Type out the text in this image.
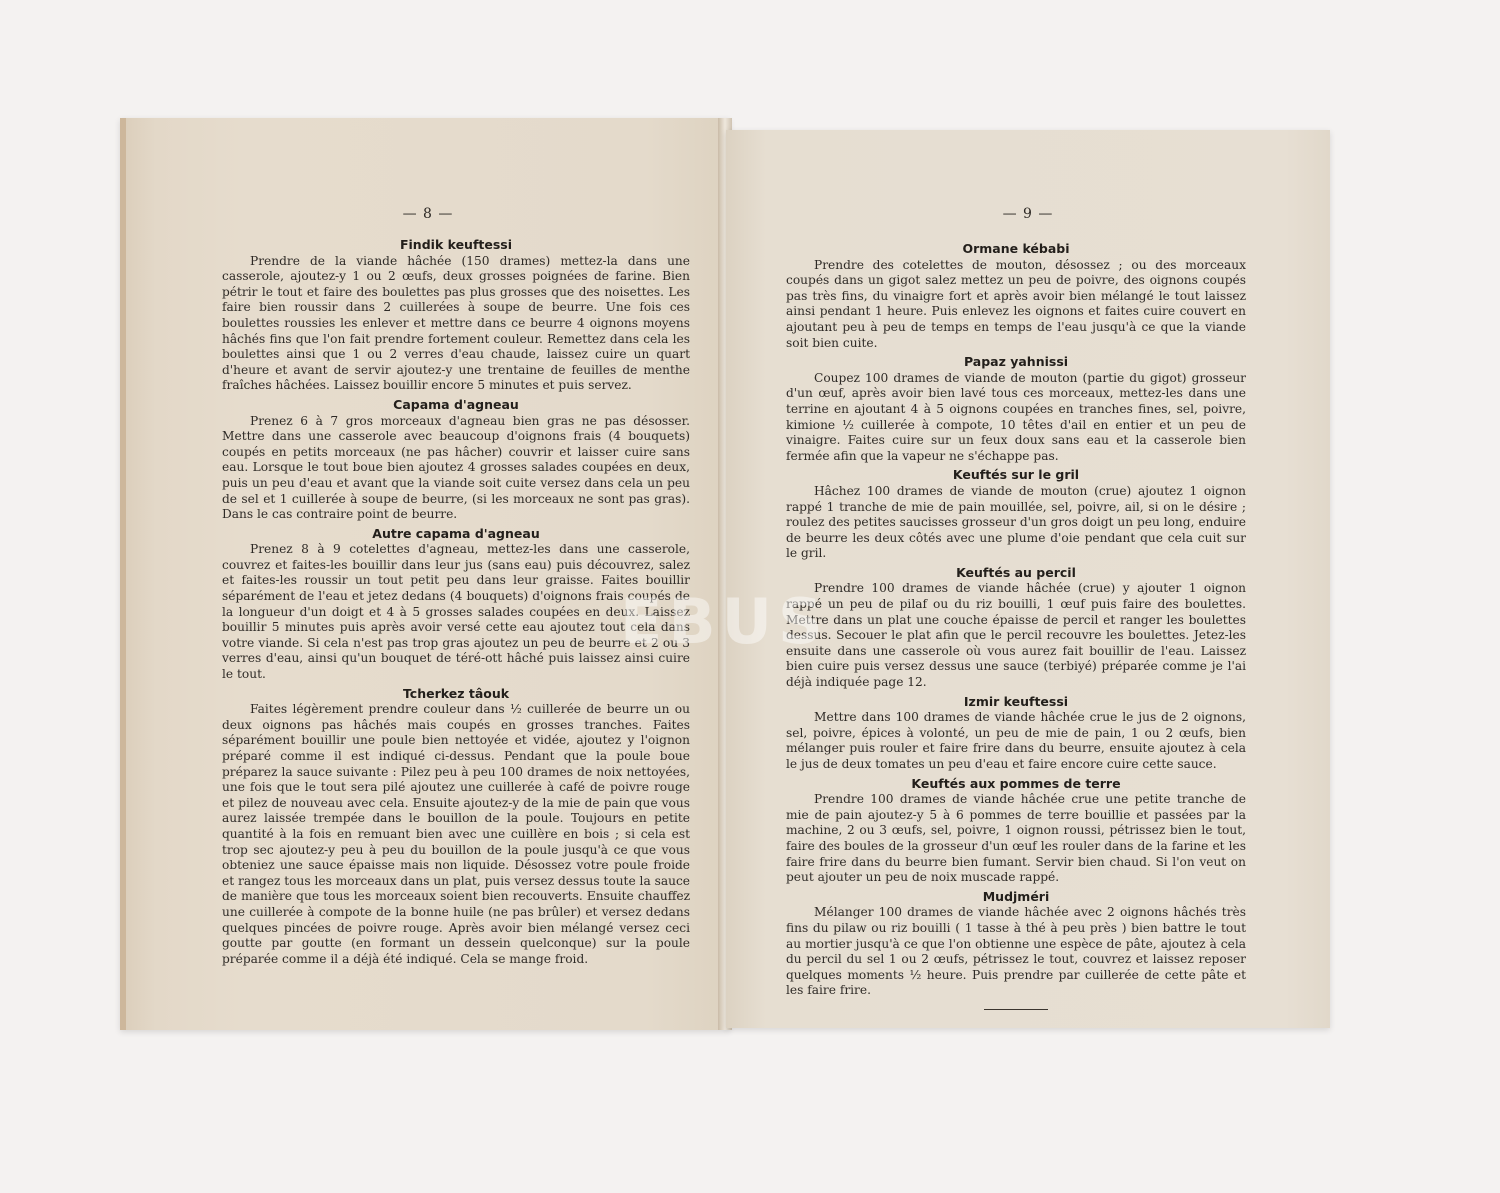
— 8 —
Findik keuftessi

Prendre de la viande hâchée (150 drames) mettez-la dans une casserole, ajoutez-y 1 ou 2 œufs, deux grosses poignées de farine. Bien pétrir le tout et faire des boulettes pas plus grosses que des noisettes. Les faire bien roussir dans 2 cuillerées à soupe de beurre. Une fois ces boulettes roussies les enlever et mettre dans ce beurre 4 oignons moyens hâchés fins que l'on fait prendre fortement couleur. Remettez dans cela les boulettes ainsi que 1 ou 2 verres d'eau chaude, laissez cuire un quart d'heure et avant de servir ajoutez-y une trentaine de feuilles de menthe fraîches hâchées. Laissez bouillir encore 5 minutes et puis servez.

Capama d'agneau

Prenez 6 à 7 gros morceaux d'agneau bien gras ne pas désosser. Mettre dans une casserole avec beaucoup d'oignons frais (4 bouquets) coupés en petits morceaux (ne pas hâcher) couvrir et laisser cuire sans eau. Lorsque le tout boue bien ajoutez 4 grosses salades coupées en deux, puis un peu d'eau et avant que la viande soit cuite versez dans cela un peu de sel et 1 cuillerée à soupe de beurre, (si les morceaux ne sont pas gras). Dans le cas contraire point de beurre.

Autre capama d'agneau

Prenez 8 à 9 cotelettes d'agneau, mettez-les dans une casserole, couvrez et faites-les bouillir dans leur jus (sans eau) puis découvrez, salez et faites-les roussir un tout petit peu dans leur graisse. Faites bouillir séparément de l'eau et jetez dedans (4 bouquets) d'oignons frais coupés de la longueur d'un doigt et 4 à 5 grosses salades coupées en deux. Laissez bouillir 5 minutes puis après avoir versé cette eau ajoutez tout cela dans votre viande. Si cela n'est pas trop gras ajoutez un peu de beurre et 2 ou 3 verres d'eau, ainsi qu'un bouquet de téré-ott hâché puis laissez ainsi cuire le tout.

Tcherkez tâouk

Faites légèrement prendre couleur dans ½ cuillerée de beurre un ou deux oignons pas hâchés mais coupés en grosses tranches. Faites séparément bouillir une poule bien nettoyée et vidée, ajoutez y l'oignon préparé comme il est indiqué ci-dessus. Pendant que la poule boue préparez la sauce suivante : Pilez peu à peu 100 drames de noix nettoyées, une fois que le tout sera pilé ajoutez une cuillerée à café de poivre rouge et pilez de nouveau avec cela. Ensuite ajoutez-y de la mie de pain que vous aurez laissée trempée dans le bouillon de la poule. Toujours en petite quantité à la fois en remuant bien avec une cuillère en bois ; si cela est trop sec ajoutez-y peu à peu du bouillon de la poule jusqu'à ce que vous obteniez une sauce épaisse mais non liquide. Désossez votre poule froide et rangez tous les morceaux dans un plat, puis versez dessus toute la sauce de manière que tous les morceaux soient bien recouverts. Ensuite chauffez une cuillerée à compote de la bonne huile (ne pas brûler) et versez dedans quelques pincées de poivre rouge. Après avoir bien mélangé versez ceci goutte par goutte (en formant un dessein quelconque) sur la poule préparée comme il a déjà été indiqué. Cela se mange froid.

— 9 —
Ormane kébabi

Prendre des cotelettes de mouton, désossez ; ou des morceaux coupés dans un gigot salez mettez un peu de poivre, des oignons coupés pas très fins, du vinaigre fort et après avoir bien mélangé le tout laissez ainsi pendant 1 heure. Puis enlevez les oignons et faites cuire couvert en ajoutant peu à peu de temps en temps de l'eau jusqu'à ce que la viande soit bien cuite.

Papaz yahnissi

Coupez 100 drames de viande de mouton (partie du gigot) grosseur d'un œuf, après avoir bien lavé tous ces morceaux, mettez-les dans une terrine en ajoutant 4 à 5 oignons coupées en tranches fines, sel, poivre, kimione ½ cuillerée à compote, 10 têtes d'ail en entier et un peu de vinaigre. Faites cuire sur un feux doux sans eau et la casserole bien fermée afin que la vapeur ne s'échappe pas.

Keuftés sur le gril

Hâchez 100 drames de viande de mouton (crue) ajoutez 1 oignon rappé 1 tranche de mie de pain mouillée, sel, poivre, ail, si on le désire ; roulez des petites saucisses grosseur d'un gros doigt un peu long, enduire de beurre les deux côtés avec une plume d'oie pendant que cela cuit sur le gril.

Keuftés au percil

Prendre 100 drames de viande hâchée (crue) y ajouter 1 oignon rappé un peu de pilaf ou du riz bouilli, 1 œuf puis faire des boulettes. Mettre dans un plat une couche épaisse de percil et ranger les boulettes dessus. Secouer le plat afin que le percil recouvre les boulettes. Jetez-les ensuite dans une casserole où vous aurez fait bouillir de l'eau. Laissez bien cuire puis versez dessus une sauce (terbiyé) préparée comme je l'ai déjà indiquée page 12.

Izmir keuftessi

Mettre dans 100 drames de viande hâchée crue le jus de 2 oignons, sel, poivre, épices à volonté, un peu de mie de pain, 1 ou 2 œufs, bien mélanger puis rouler et faire frire dans du beurre, ensuite ajoutez à cela le jus de deux tomates un peu d'eau et faire encore cuire cette sauce.

Keuftés aux pommes de terre

Prendre 100 drames de viande hâchée crue une petite tranche de mie de pain ajoutez-y 5 à 6 pommes de terre bouillie et passées par la machine, 2 ou 3 œufs, sel, poivre, 1 oignon roussi, pétrissez bien le tout, faire des boules de la grosseur d'un œuf les rouler dans de la farine et les faire frire dans du beurre bien fumant. Servir bien chaud. Si l'on veut on peut ajouter un peu de noix muscade rappé.

Mudjméri

Mélanger 100 drames de viande hâchée avec 2 oignons hâchés très fins du pilaw ou riz bouilli ( 1 tasse à thé à peu près ) bien battre le tout au mortier jusqu'à ce que l'on obtienne une espèce de pâte, ajoutez à cela du percil du sel 1 ou 2 œufs, pétrissez le tout, couvrez et laissez reposer quelques moments ½ heure. Puis prendre par cuillerée de cette pâte et les faire frire.

EBUS
